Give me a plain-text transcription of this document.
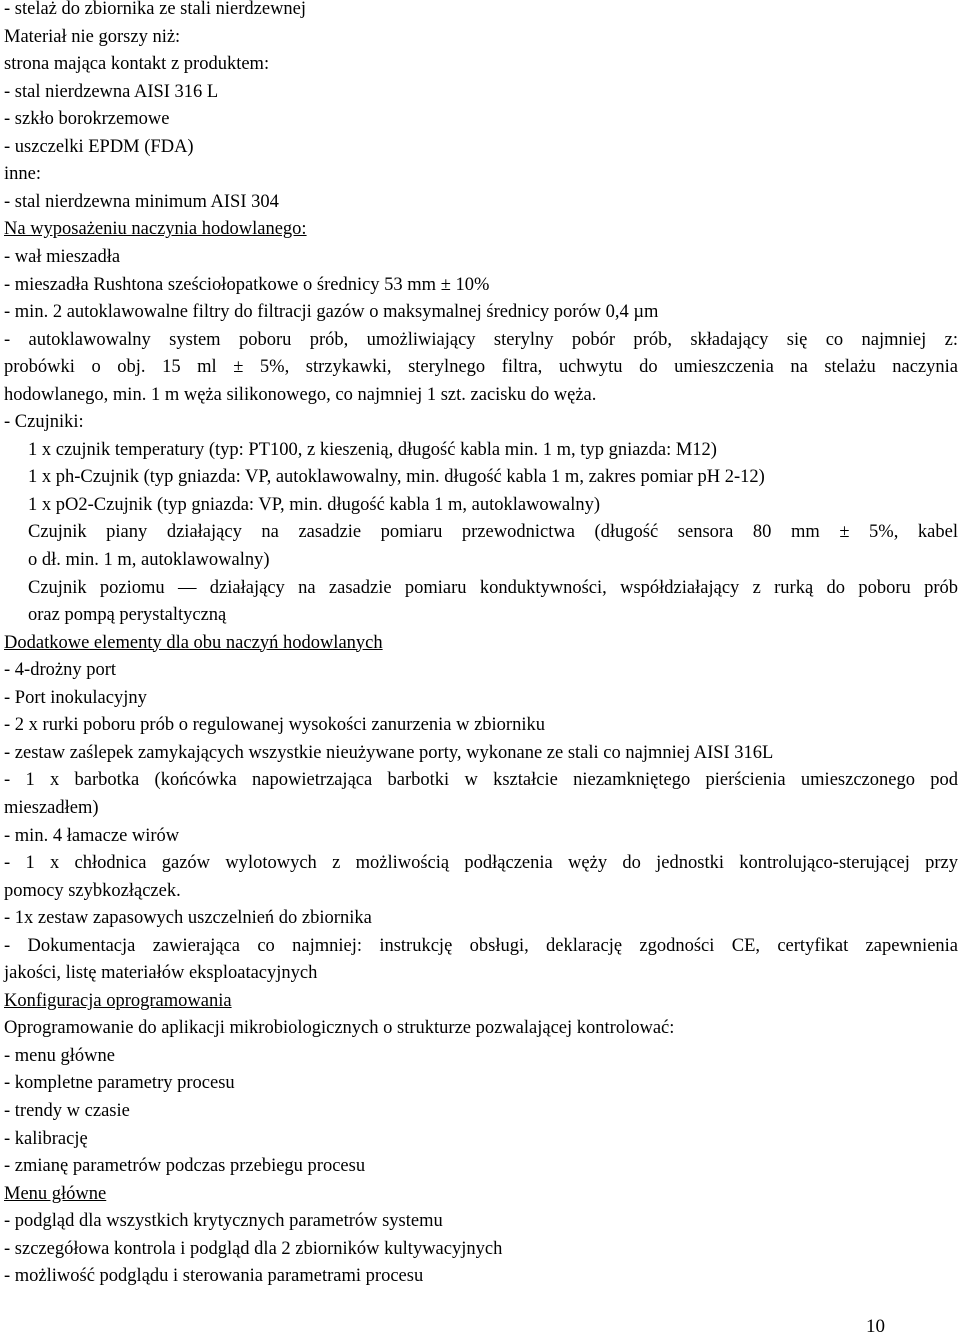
- stelaż do zbiornika ze stali nierdzewnej
Materiał nie gorszy niż:
strona mająca kontakt z produktem:
- stal nierdzewna AISI 316 L
- szkło borokrzemowe
- uszczelki EPDM (FDA)
inne:
- stal nierdzewna minimum AISI 304
Na wyposażeniu naczynia hodowlanego:
- wał mieszadła
- mieszadła Rushtona sześciołopatkowe o średnicy 53 mm ± 10%
- min. 2 autoklawowalne filtry do filtracji gazów o maksymalnej średnicy porów 0,4 µm
- autoklawowalny system poboru prób, umożliwiający sterylny pobór prób, składający się co najmniej z:
probówki o obj. 15 ml ± 5%, strzykawki, sterylnego filtra, uchwytu do umieszczenia na stelażu naczynia
hodowlanego, min. 1 m węża silikonowego, co najmniej 1 szt. zacisku do węża.
- Czujniki:
1 x czujnik temperatury (typ: PT100, z kieszenią, długość kabla min. 1 m, typ gniazda: M12)
1 x ph-Czujnik (typ gniazda: VP, autoklawowalny, min. długość kabla 1 m, zakres pomiar pH 2-12)
1 x pO2-Czujnik (typ gniazda: VP, min. długość kabla 1 m, autoklawowalny)
Czujnik piany działający na zasadzie pomiaru przewodnictwa (długość sensora 80 mm ± 5%, kabel
o dł. min. 1 m, autoklawowalny)
Czujnik poziomu — działający na zasadzie pomiaru konduktywności, współdziałający z rurką do poboru prób
oraz pompą perystaltyczną
Dodatkowe elementy dla obu naczyń hodowlanych
- 4-drożny port
- Port inokulacyjny
- 2 x rurki poboru prób o regulowanej wysokości zanurzenia w zbiorniku
- zestaw zaślepek zamykających wszystkie nieużywane porty, wykonane ze stali co najmniej AISI 316L
- 1 x barbotka (końcówka napowietrzająca barbotki w kształcie niezamkniętego pierścienia umieszczonego pod
mieszadłem)
- min. 4 łamacze wirów
- 1 x chłodnica gazów wylotowych z możliwością podłączenia węży do jednostki kontrolująco-sterującej przy
pomocy szybkozłączek.
- 1x zestaw zapasowych uszczelnień do zbiornika
- Dokumentacja zawierająca co najmniej: instrukcję obsługi, deklarację zgodności CE, certyfikat zapewnienia
jakości, listę materiałów eksploatacyjnych
Konfiguracja oprogramowania
Oprogramowanie do aplikacji mikrobiologicznych o strukturze pozwalającej kontrolować:
- menu główne
- kompletne parametry procesu
- trendy w czasie
- kalibrację
- zmianę parametrów podczas przebiegu procesu
Menu główne
- podgląd dla wszystkich krytycznych parametrów systemu
- szczegółowa kontrola i podgląd dla 2 zbiorników kultywacyjnych
- możliwość podglądu i sterowania parametrami procesu
10
